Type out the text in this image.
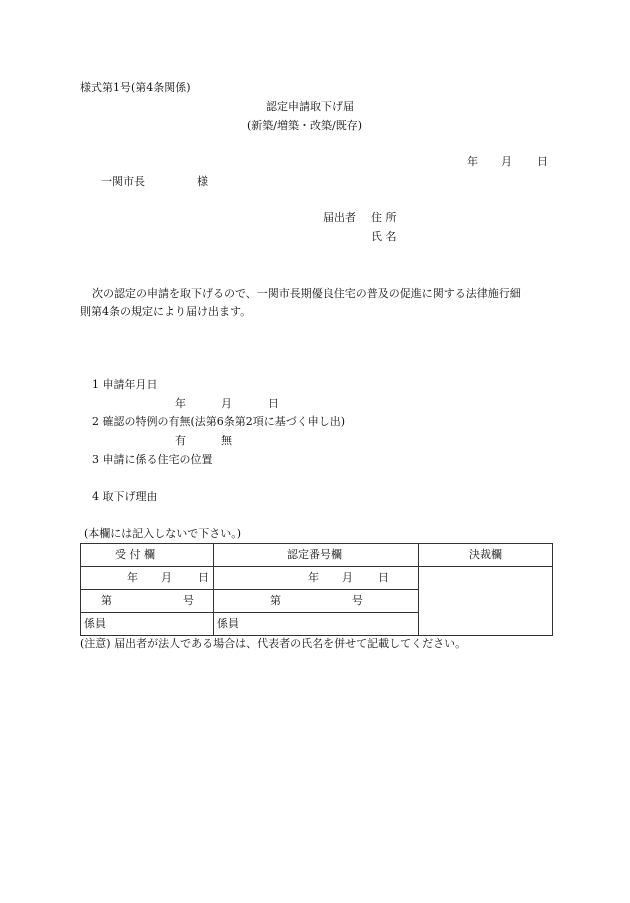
様式第1号(第4条関係)
認定申請取下げ届
(新築/増築・改築/既存)
年 月 日
一関市長	様
届出者 住 所
氏 名
次の認定の申請を取下げるので、一関市長期優良住宅の普及の促進に関する法律施行細
則第4条の規定により届け出ます。
1 申請年月日
年	月	日
2 確認の特例の有無(法第6条第2項に基づく申し出)
有	無
3 申請に係る住宅の位置
4 取下げ理由
(本欄には記入しないで下さい。)
受 付 欄	認定番号欄	決裁欄

年 月 日	年 月 日	

第 号	第 号	

係員	係員	
(注意) 届出者が法人である場合は、代表者の氏名を併せて記載してください。
